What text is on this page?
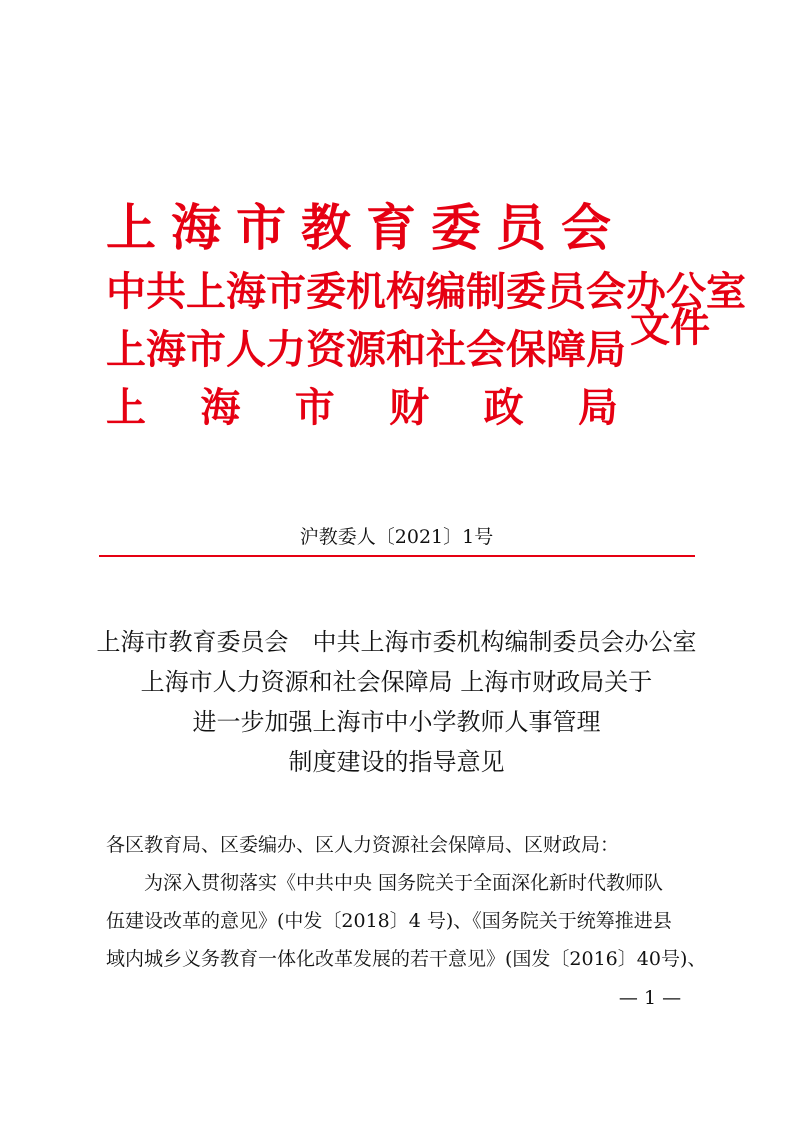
上 海 市 教 育 委 员 会
中 共 上 海 市 委 机 构 编 制 委 员 会 办 公 室
上 海 市 人 力 资 源 和 社 会 保 障 局
上 海 市 财 政 局
文件
沪教委人〔2021〕1号
上海市教育委员会　中共上海市委机构编制委员会办公室
上海市人力资源和社会保障局 上海市财政局关于
进一步加强上海市中小学教师人事管理
制度建设的指导意见
各区教育局、区委编办、区人力资源社会保障局、区财政局：
为深入贯彻落实《中共中央 国务院关于全面深化新时代教师队
伍建设改革的意见》(中发〔2018〕4 号)、《国务院关于统筹推进县
域内城乡义务教育一体化改革发展的若干意见》(国发〔2016〕40号)、
— 1 —
